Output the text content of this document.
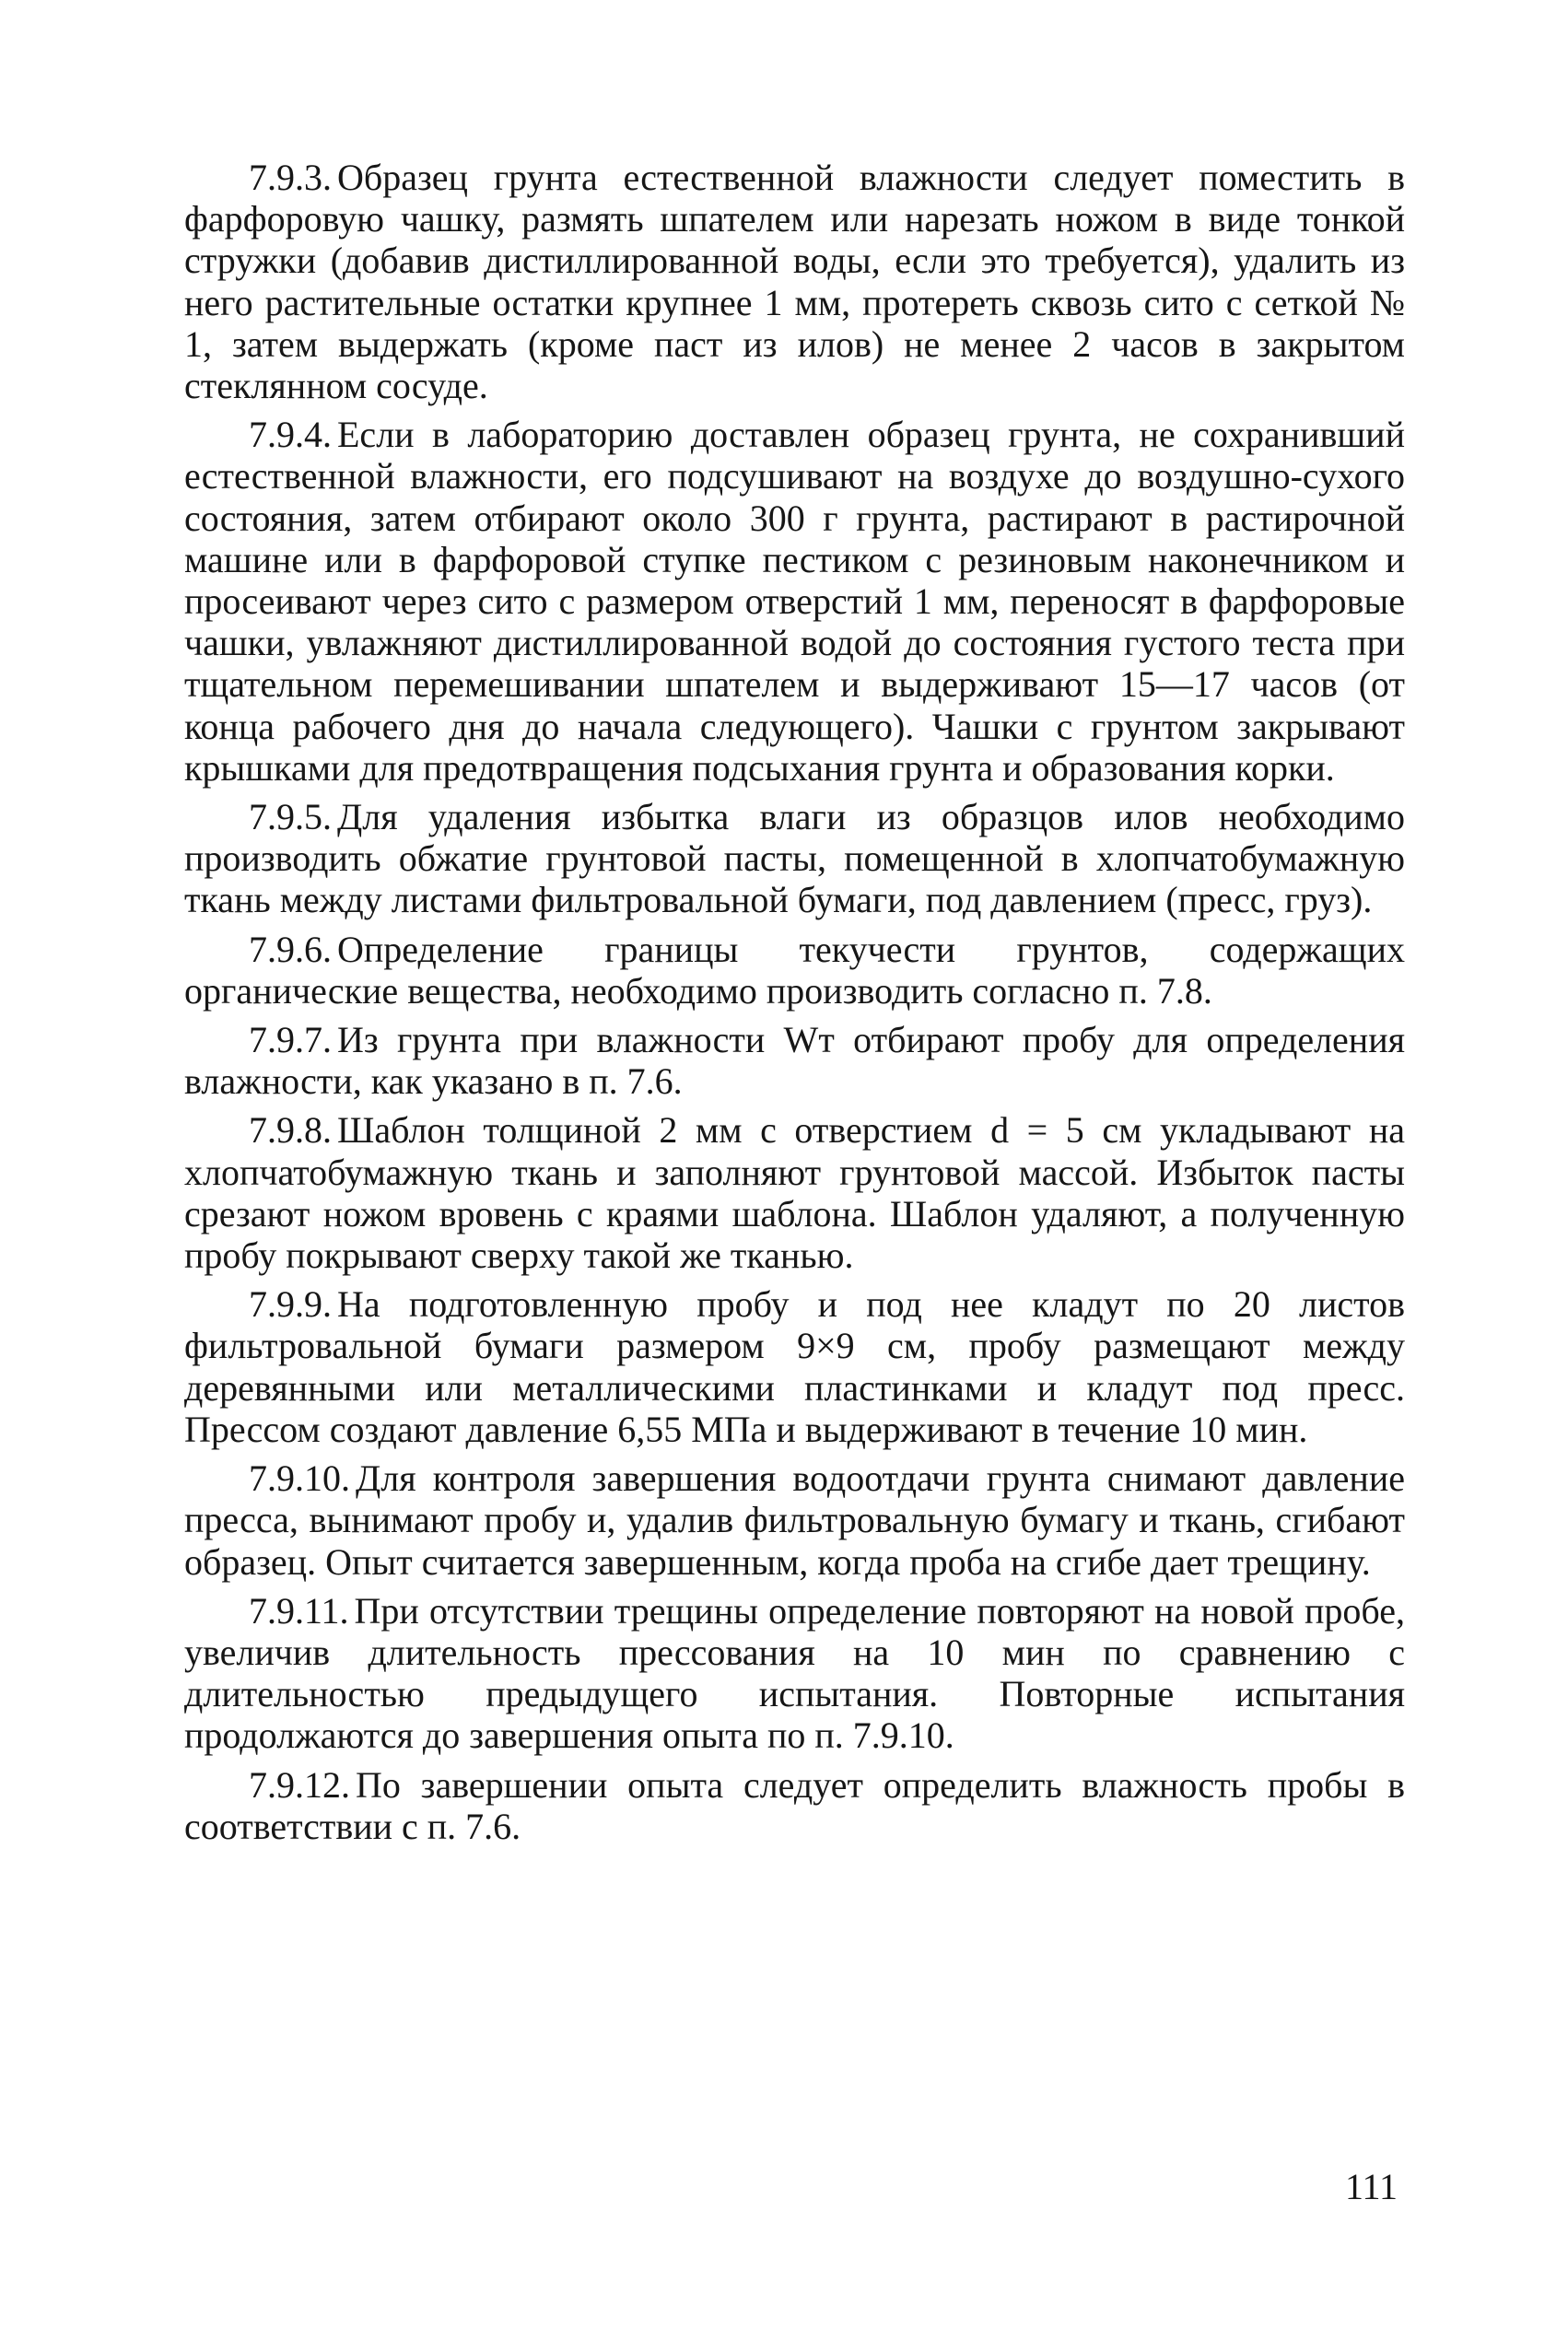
7.9.3. Образец грунта естественной влажности следует поместить в фарфоровую чашку, размять шпателем или нарезать ножом в виде тонкой стружки (добавив дистиллированной воды, если это требуется), удалить из него растительные остатки крупнее 1 мм, протереть сквозь сито с сеткой № 1, затем выдержать (кроме паст из илов) не менее 2 часов в закрытом стеклянном сосуде.

7.9.4. Если в лабораторию доставлен образец грунта, не сохранивший естественной влажности, его подсушивают на воздухе до воздушно-сухого состояния, затем отбирают около 300 г грунта, растирают в растирочной машине или в фарфоровой ступке пестиком с резиновым наконечником и просеивают через сито с размером отверстий 1 мм, переносят в фарфоровые чашки, увлажняют дистиллированной водой до состояния густого теста при тщательном перемешивании шпателем и выдерживают 15—17 часов (от конца рабочего дня до начала следующего). Чашки с грунтом закрывают крышками для предотвращения подсыхания грунта и образования корки.

7.9.5. Для удаления избытка влаги из образцов илов необходимо производить обжатие грунтовой пасты, помещенной в хлопчатобумажную ткань между листами фильтровальной бумаги, под давлением (пресс, груз).

7.9.6. Определение границы текучести грунтов, содержащих органические вещества, необходимо производить согласно п. 7.8.

7.9.7. Из грунта при влажности Wт отбирают пробу для определения влажности, как указано в п. 7.6.

7.9.8. Шаблон толщиной 2 мм с отверстием d = 5 см укладывают на хлопчатобумажную ткань и заполняют грунтовой массой. Избыток пасты срезают ножом вровень с краями шаблона. Шаблон удаляют, а полученную пробу покрывают сверху такой же тканью.

7.9.9. На подготовленную пробу и под нее кладут по 20 листов фильтровальной бумаги размером 9×9 см, пробу размещают между деревянными или металлическими пластинками и кладут под пресс. Прессом создают давление 6,55 МПа и выдерживают в течение 10 мин.

7.9.10. Для контроля завершения водоотдачи грунта снимают давление пресса, вынимают пробу и, удалив фильтровальную бумагу и ткань, сгибают образец. Опыт считается завершенным, когда проба на сгибе дает трещину.

7.9.11. При отсутствии трещины определение повторяют на новой пробе, увеличив длительность прессования на 10 мин по сравнению с длительностью предыдущего испытания. Повторные испытания продолжаются до завершения опыта по п. 7.9.10.

7.9.12. По завершении опыта следует определить влажность пробы в соответствии с п. 7.6.

111
